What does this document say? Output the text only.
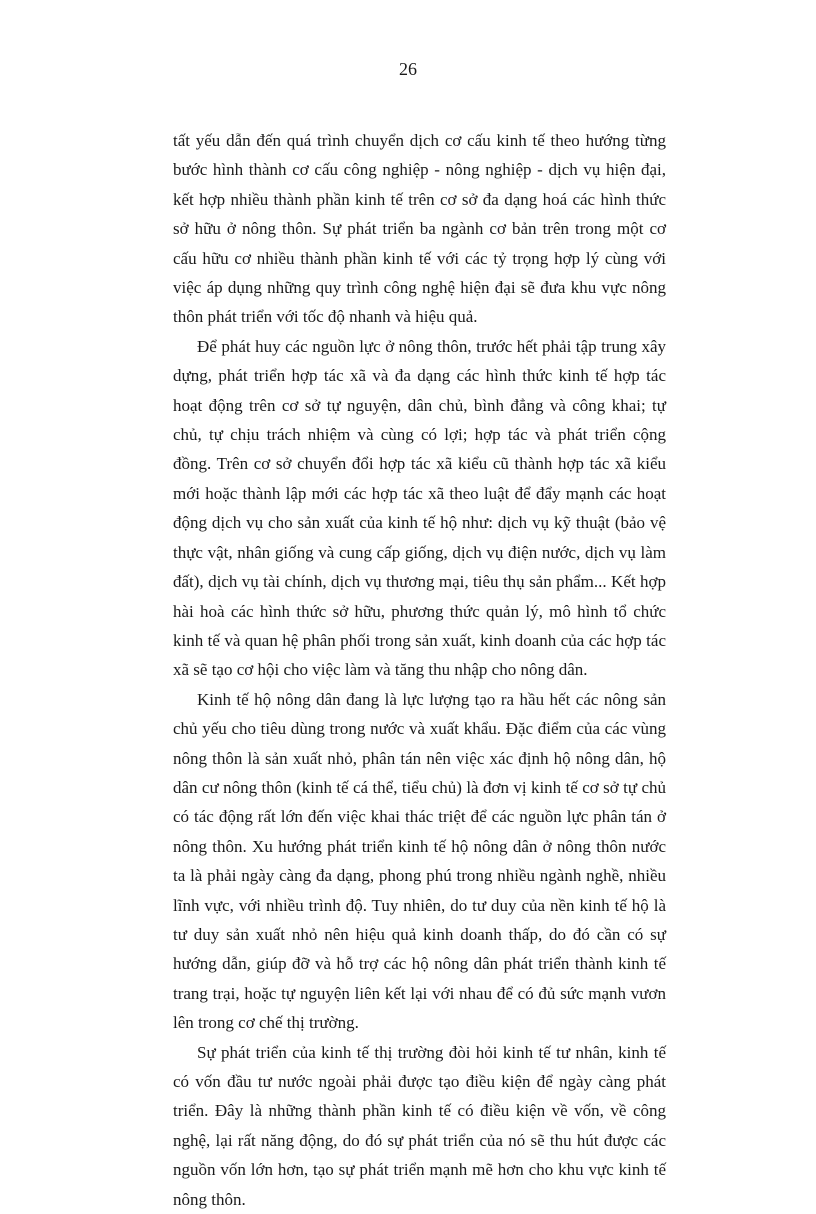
26

tất yếu dẫn đến quá trình chuyển dịch cơ cấu kinh tế theo hướng từng bước hình thành cơ cấu công nghiệp - nông nghiệp - dịch vụ hiện đại, kết hợp nhiều thành phần kinh tế trên cơ sở đa dạng hoá các hình thức sở hữu ở nông thôn. Sự phát triển ba ngành cơ bản trên trong một cơ cấu hữu cơ nhiều thành phần kinh tế với các tỷ trọng hợp lý cùng với việc áp dụng những quy trình công nghệ hiện đại sẽ đưa khu vực nông thôn phát triển với tốc độ nhanh và hiệu quả.

Để phát huy các nguồn lực ở nông thôn, trước hết phải tập trung xây dựng, phát triển hợp tác xã và đa dạng các hình thức kinh tế hợp tác hoạt động trên cơ sở tự nguyện, dân chủ, bình đẳng và công khai; tự chủ, tự chịu trách nhiệm và cùng có lợi; hợp tác và phát triển cộng đồng. Trên cơ sở chuyển đổi hợp tác xã kiểu cũ thành hợp tác xã kiểu mới hoặc thành lập mới các hợp tác xã theo luật để đẩy mạnh các hoạt động dịch vụ cho sản xuất của kinh tế hộ như: dịch vụ kỹ thuật (bảo vệ thực vật, nhân giống và cung cấp giống, dịch vụ điện nước, dịch vụ làm đất), dịch vụ tài chính, dịch vụ thương mại, tiêu thụ sản phẩm... Kết hợp hài hoà các hình thức sở hữu, phương thức quản lý, mô hình tổ chức kinh tế và quan hệ phân phối trong sản xuất, kinh doanh của các hợp tác xã sẽ tạo cơ hội cho việc làm và tăng thu nhập cho nông dân.

Kinh tế hộ nông dân đang là lực lượng tạo ra hầu hết các nông sản chủ yếu cho tiêu dùng trong nước và xuất khẩu. Đặc điểm của các vùng nông thôn là sản xuất nhỏ, phân tán nên việc xác định hộ nông dân, hộ dân cư nông thôn (kinh tế cá thể, tiểu chủ) là đơn vị kinh tế cơ sở tự chủ có tác động rất lớn đến việc khai thác triệt để các nguồn lực phân tán ở nông thôn. Xu hướng phát triển kinh tế hộ nông dân ở nông thôn nước ta là phải ngày càng đa dạng, phong phú trong nhiều ngành nghề, nhiều lĩnh vực, với nhiều trình độ. Tuy nhiên, do tư duy của nền kinh tế hộ là tư duy sản xuất nhỏ nên hiệu quả kinh doanh thấp, do đó cần có sự hướng dẫn, giúp đỡ và hỗ trợ các hộ nông dân phát triển thành kinh tế trang trại, hoặc tự nguyện liên kết lại với nhau để có đủ sức mạnh vươn lên trong cơ chế thị trường.

Sự phát triển của kinh tế thị trường đòi hỏi kinh tế tư nhân, kinh tế có vốn đầu tư nước ngoài phải được tạo điều kiện để ngày càng phát triển. Đây là những thành phần kinh tế có điều kiện về vốn, về công nghệ, lại rất năng động, do đó sự phát triển của nó sẽ thu hút được các nguồn vốn lớn hơn, tạo sự phát triển mạnh mẽ hơn cho khu vực kinh tế nông thôn.
